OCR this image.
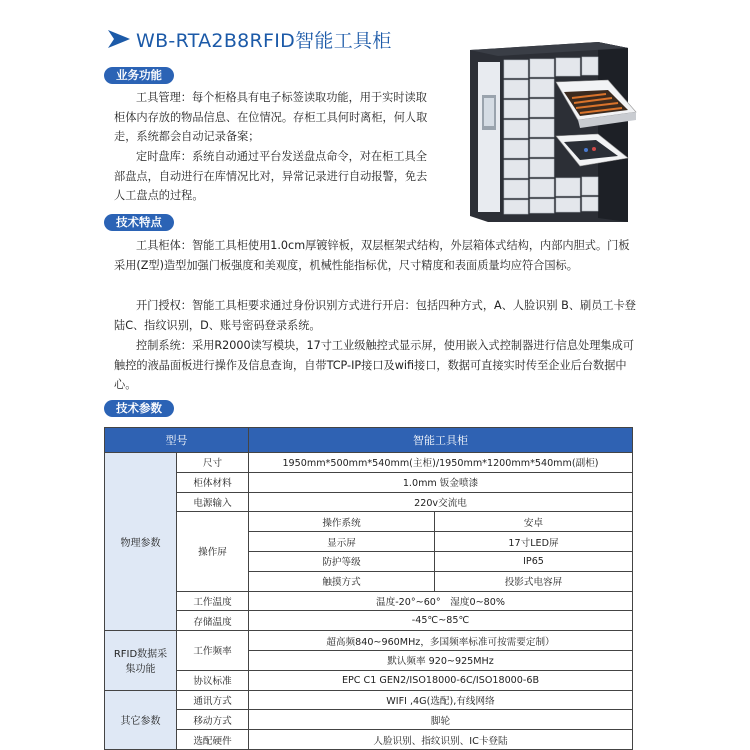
WB-RTA2B8RFID智能工具柜
业务功能
工具管理：每个柜格具有电子标签读取功能，用于实时读取柜体内存放的物品信息、在位情况。存柜工具何时离柜，何人取走，系统都会自动记录备案；
定时盘库：系统自动通过平台发送盘点命令，对在柜工具全部盘点，自动进行在库情况比对，异常记录进行自动报警，免去人工盘点的过程。
技术特点
工具柜体：智能工具柜使用1.0cm厚镀锌板，双层框架式结构，外层箱体式结构，内部内胆式。门板采用(Z型)造型加强门板强度和美观度，机械性能指标优，尺寸精度和表面质量均应符合国标。
开门授权：智能工具柜要求通过身份识别方式进行开启：包括四种方式，A、人脸识别 B、刷员工卡登陆C、指纹识别，D、账号密码登录系统。
控制系统：采用R2000读写模块，17寸工业级触控式显示屏，使用嵌入式控制器进行信息处理集成可触控的液晶面板进行操作及信息查询，自带TCP-IP接口及wifi接口，数据可直接实时传至企业后台数据中心。
技术参数
型号		智能工具柜	
物理参数	尺寸	1950mm*500mm*540mm(主柜)/1950mm*1200mm*540mm(副柜)	
	柜体材料	1.0mm 钣金喷漆	
	电源输入	220v交流电	
	操作屏	操作系统	安卓
		显示屏	17寸LED屏
		防护等级	IP65
		触摸方式	投影式电容屏
	工作温度	温度-20°~60°　湿度0~80%	
	存储温度	-45℃~85℃	
RFID数据采集功能	工作频率	超高频840~960MHz，多国频率标准可按需要定制）	
		默认频率 920~925MHz	
	协议标准	EPC C1 GEN2/ISO18000-6C/ISO18000-6B	
其它参数	通讯方式	WIFI ,4G(选配),有线网络	
	移动方式	脚轮	
	选配硬件	人脸识别、指纹识别、IC卡登陆	
